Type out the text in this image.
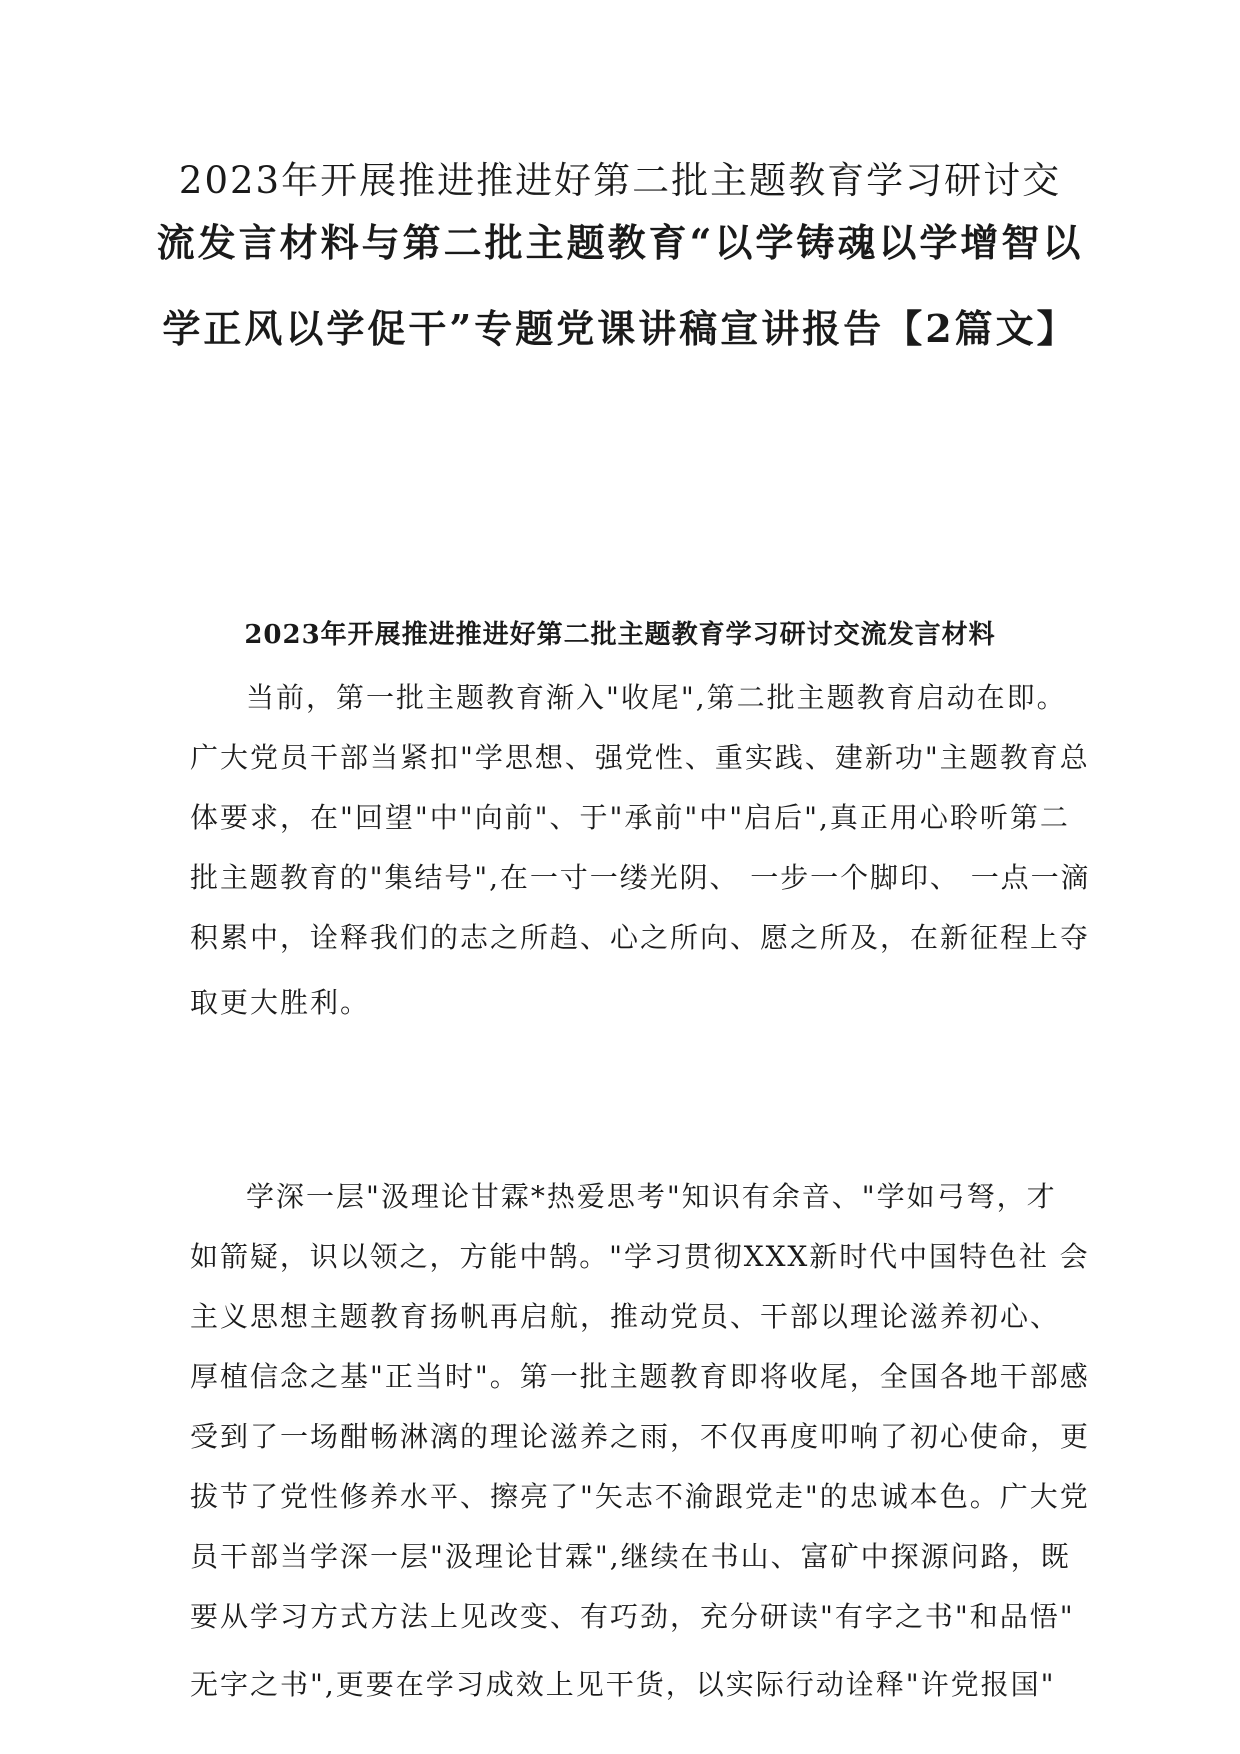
2023年开展推进推进好第二批主题教育学习研讨交
流发言材料与第二批主题教育“以学铸魂以学增智以
学正风以学促干”专题党课讲稿宣讲报告【2篇文】
2023年开展推进推进好第二批主题教育学习研讨交流发言材料
当前，第一批主题教育渐入"收尾",第二批主题教育启动在即。
广大党员干部当紧扣"学思想、强党性、重实践、建新功"主题教育总
体要求，在"回望"中"向前"、于"承前"中"启后",真正用心聆听第二
批主题教育的"集结号",在一寸一缕光阴、 一步一个脚印、 一点一滴
积累中，诠释我们的志之所趋、心之所向、愿之所及，在新征程上夺
取更大胜利。
学深一层"汲理论甘霖*热爱思考"知识有余音、"学如弓弩，才
如箭疑，识以领之，方能中鹄。"学习贯彻XXX新时代中国特色社 会
主义思想主题教育扬帆再启航，推动党员、干部以理论滋养初心、
厚植信念之基"正当时"。第一批主题教育即将收尾，全国各地干部感
受到了一场酣畅淋漓的理论滋养之雨，不仅再度叩响了初心使命，更
拔节了党性修养水平、擦亮了"矢志不渝跟党走"的忠诚本色。广大党
员干部当学深一层"汲理论甘霖",继续在书山、富矿中探源问路，既
要从学习方式方法上见改变、有巧劲，充分研读"有字之书"和品悟"
无字之书",更要在学习成效上见干货，以实际行动诠释"许党报国"
